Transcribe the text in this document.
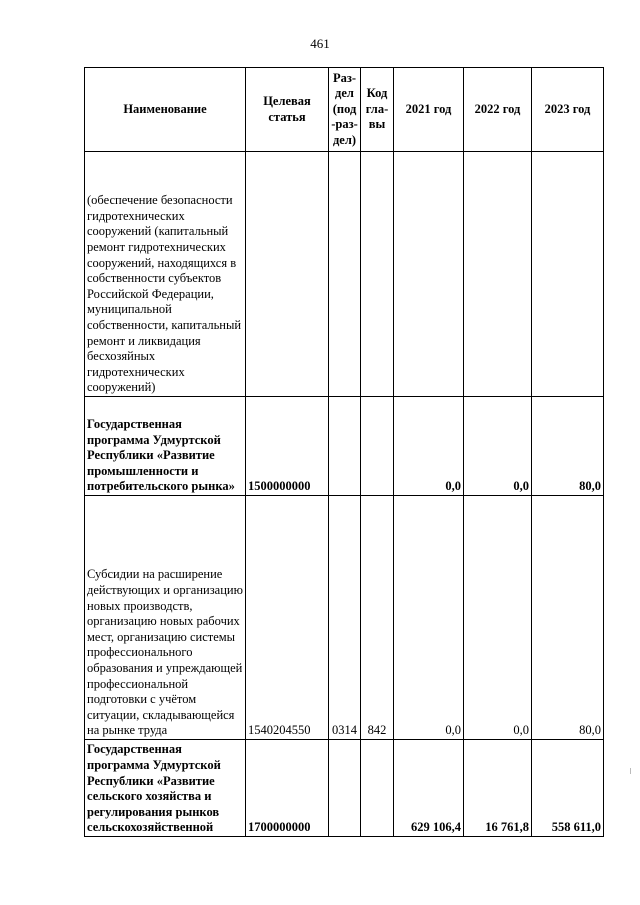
461
Наименование	Целевая статья	Раз-дел (под-раз-дел)	Код гла-вы	2021 год	2022 год	2023 год
(обеспечение безопасности гидротехнических сооружений (капитальный ремонт гидротехнических сооружений, находящихся в собственности субъектов Российской Федерации, муниципальной собственности, капитальный ремонт и ликвидация бесхозяйных гидротехнических сооружений)						
Государственная программа Удмуртской Республики «Развитие промышленности и потребительского рынка»	1500000000			0,0	0,0	80,0
Субсидии на расширение действующих и организацию новых производств, организацию новых рабочих мест, организацию системы профессионального образования и упреждающей профессиональной подготовки с учётом ситуации, складывающейся на рынке труда	1540204550	0314	842	0,0	0,0	80,0
Государственная программа Удмуртской Республики «Развитие сельского хозяйства и регулирования рынков сельскохозяйственной	1700000000			629 106,4	16 761,8	558 611,0
